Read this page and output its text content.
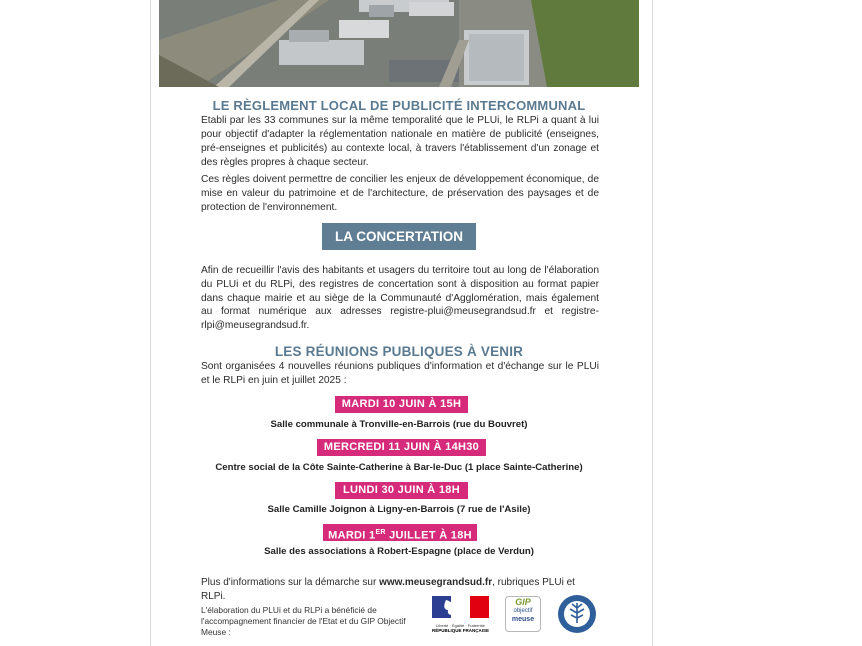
LE RÈGLEMENT LOCAL DE PUBLICITÉ INTERCOMMUNAL
Etabli par les 33 communes sur la même temporalité que le PLUi, le RLPi a quant à lui pour objectif d'adapter la réglementation nationale en matière de publicité (enseignes, pré-enseignes et publicités) au contexte local, à travers l'établissement d'un zonage et des règles propres à chaque secteur.
Ces règles doivent permettre de concilier les enjeux de développement économique, de mise en valeur du patrimoine et de l'architecture, de préservation des paysages et de protection de l'environnement.
LA CONCERTATION
Afin de recueillir l'avis des habitants et usagers du territoire tout au long de l'élaboration du PLUi et du RLPi, des registres de concertation sont à disposition au format papier dans chaque mairie et au siège de la Communauté d'Agglomération, mais également au format numérique aux adresses registre-plui@meusegrandsud.fr et registre-rlpi@meusegrandsud.fr.
LES RÉUNIONS PUBLIQUES À VENIR
Sont organisées 4 nouvelles réunions publiques d'information et d'échange sur le PLUi et le RLPi en juin et juillet 2025 :
MARDI 10 JUIN À 15H
Salle communale à Tronville-en-Barrois (rue du Bouvret)
MERCREDI 11 JUIN À 14H30
Centre social de la Côte Sainte-Catherine à Bar-le-Duc (1 place Sainte-Catherine)
LUNDI 30 JUIN À 18H
Salle Camille Joignon à Ligny-en-Barrois (7 rue de l'Asile)
MARDI 1ER JUILLET À 18H
Salle des associations à Robert-Espagne (place de Verdun)
Plus d'informations sur la démarche sur www.meusegrandsud.fr, rubriques PLUi et RLPi.
L'élaboration du PLUi et du RLPi a bénéficié de l'accompagnement financier de l'Etat et du GIP Objectif Meuse :
Liberté · Égalité · Fraternité
RÉPUBLIQUE FRANÇAISE
GIP
objectif
meuse
